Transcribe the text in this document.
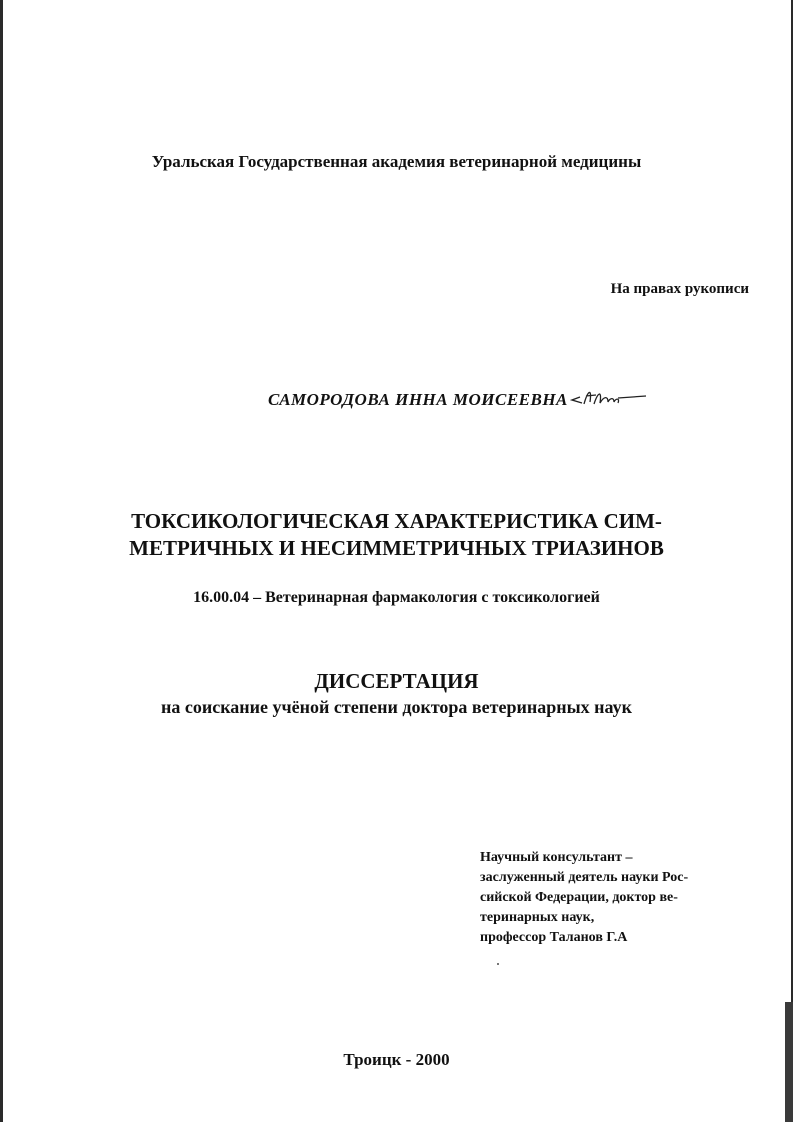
Уральская Государственная академия ветеринарной медицины
На правах рукописи
САМОРОДОВА ИННА МОИСЕЕВНА
ТОКСИКОЛОГИЧЕСКАЯ ХАРАКТЕРИСТИКА СИМ-
МЕТРИЧНЫХ И НЕСИММЕТРИЧНЫХ ТРИАЗИНОВ
16.00.04 – Ветеринарная фармакология с токсикологией
ДИССЕРТАЦИЯ
на соискание учёной степени доктора ветеринарных наук
Научный консультант –
заслуженный деятель науки Рос-
сийской Федерации, доктор ве-
теринарных наук,
профессор Таланов Г.А
Троицк - 2000
